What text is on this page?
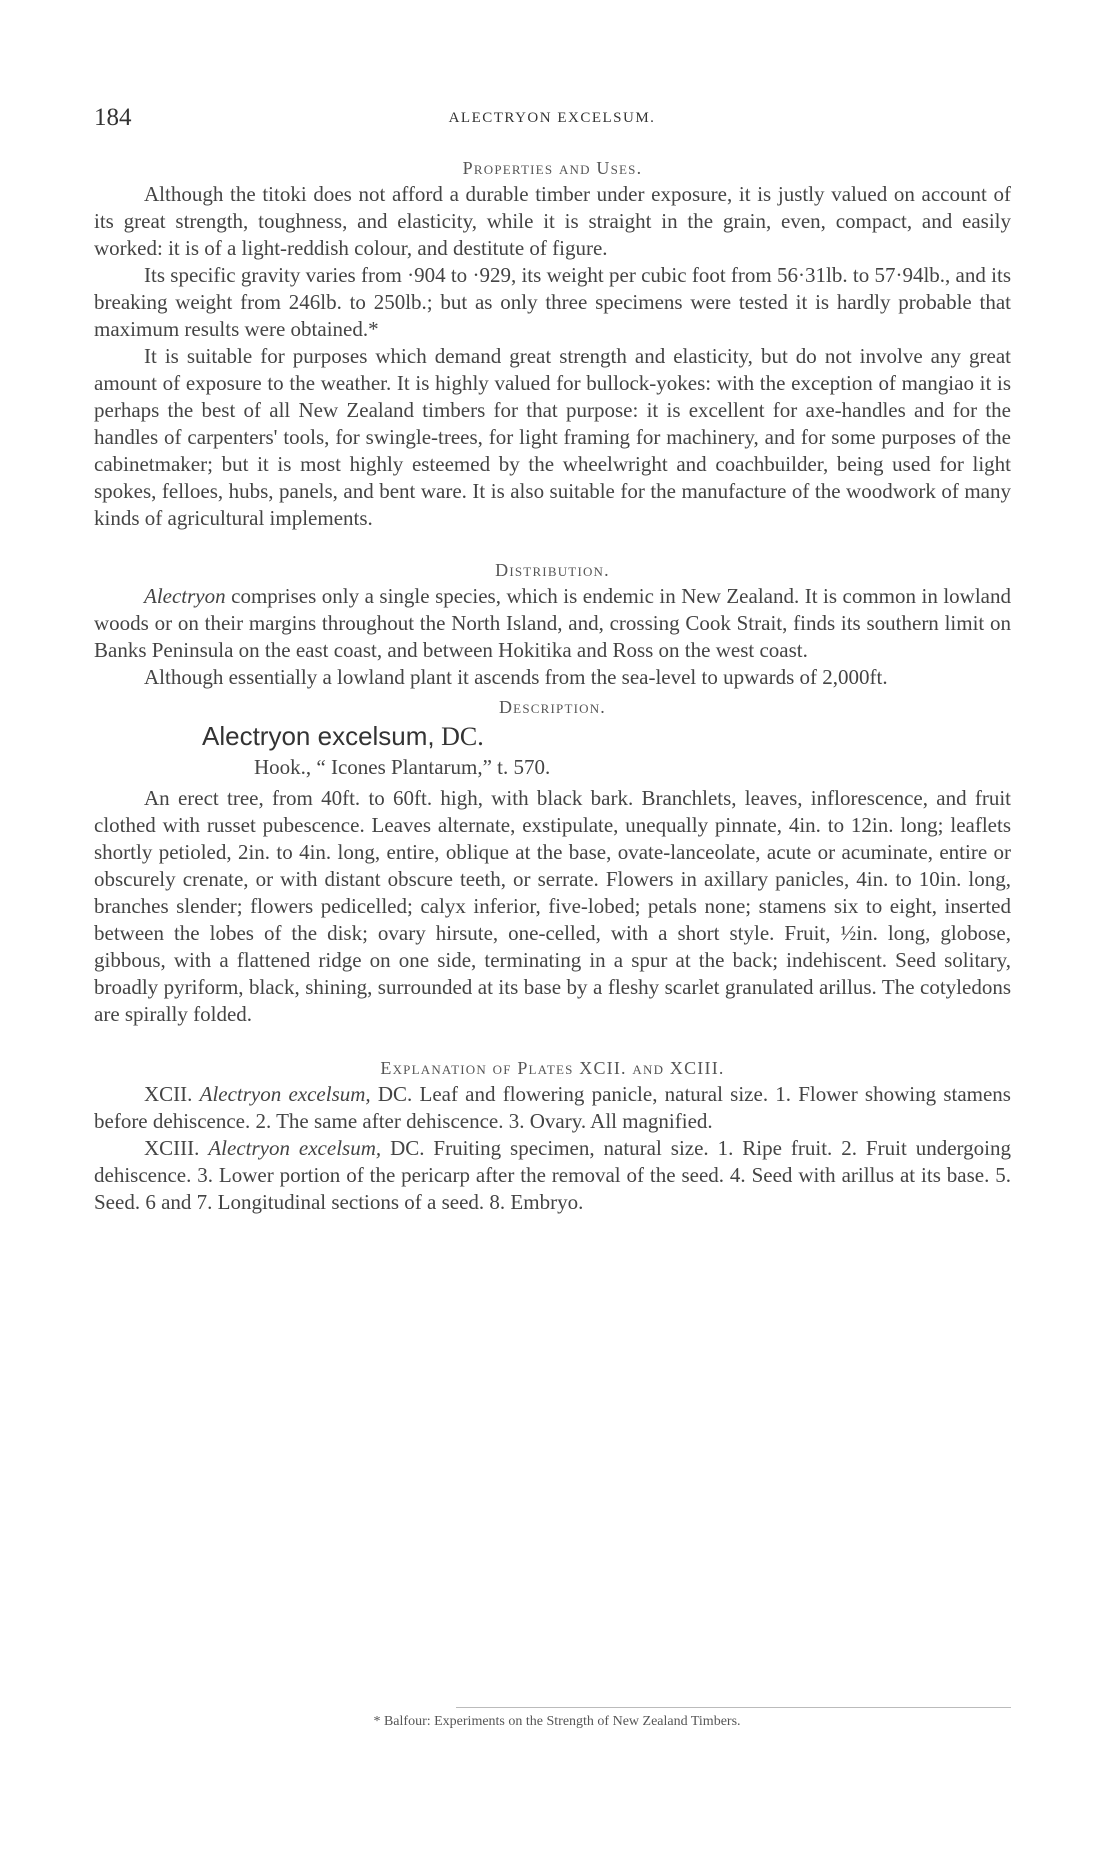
184	ALECTRYON EXCELSUM.
Properties and Uses.

Although the titoki does not afford a durable timber under exposure, it is justly valued on account of its great strength, toughness, and elasticity, while it is straight in the grain, even, compact, and easily worked: it is of a light-reddish colour, and destitute of figure.

Its specific gravity varies from ·904 to ·929, its weight per cubic foot from 56·31lb. to 57·94lb., and its breaking weight from 246lb. to 250lb.; but as only three specimens were tested it is hardly probable that maximum results were obtained.*

It is suitable for purposes which demand great strength and elasticity, but do not involve any great amount of exposure to the weather. It is highly valued for bullock-yokes: with the exception of mangiao it is perhaps the best of all New Zealand timbers for that purpose: it is excellent for axe-handles and for the handles of carpenters' tools, for swingle-trees, for light framing for machinery, and for some purposes of the cabinetmaker; but it is most highly esteemed by the wheelwright and coachbuilder, being used for light spokes, felloes, hubs, panels, and bent ware. It is also suitable for the manufacture of the woodwork of many kinds of agricultural implements.

Distribution.

Alectryon comprises only a single species, which is endemic in New Zealand. It is common in lowland woods or on their margins throughout the North Island, and, crossing Cook Strait, finds its southern limit on Banks Peninsula on the east coast, and between Hokitika and Ross on the west coast.

Although essentially a lowland plant it ascends from the sea-level to upwards of 2,000ft.

Description.
Alectryon excelsum, DC.
Hook., “ Icones Plantarum,” t. 570.

An erect tree, from 40ft. to 60ft. high, with black bark. Branchlets, leaves, inflorescence, and fruit clothed with russet pubescence. Leaves alternate, exstipulate, unequally pinnate, 4in. to 12in. long; leaflets shortly petioled, 2in. to 4in. long, entire, oblique at the base, ovate-lanceolate, acute or acuminate, entire or obscurely crenate, or with distant obscure teeth, or serrate. Flowers in axillary panicles, 4in. to 10in. long, branches slender; flowers pedicelled; calyx inferior, five-lobed; petals none; stamens six to eight, inserted between the lobes of the disk; ovary hirsute, one-celled, with a short style. Fruit, ½in. long, globose, gibbous, with a flattened ridge on one side, terminating in a spur at the back; indehiscent. Seed solitary, broadly pyriform, black, shining, surrounded at its base by a fleshy scarlet granulated arillus. The cotyledons are spirally folded.

Explanation of Plates XCII. and XCIII.

XCII. Alectryon excelsum, DC. Leaf and flowering panicle, natural size. 1. Flower showing stamens before dehiscence. 2. The same after dehiscence. 3. Ovary. All magnified.

XCIII. Alectryon excelsum, DC. Fruiting specimen, natural size. 1. Ripe fruit. 2. Fruit undergoing dehiscence. 3. Lower portion of the pericarp after the removal of the seed. 4. Seed with arillus at its base. 5. Seed. 6 and 7. Longitudinal sections of a seed. 8. Embryo.

* Balfour: Experiments on the Strength of New Zealand Timbers.
